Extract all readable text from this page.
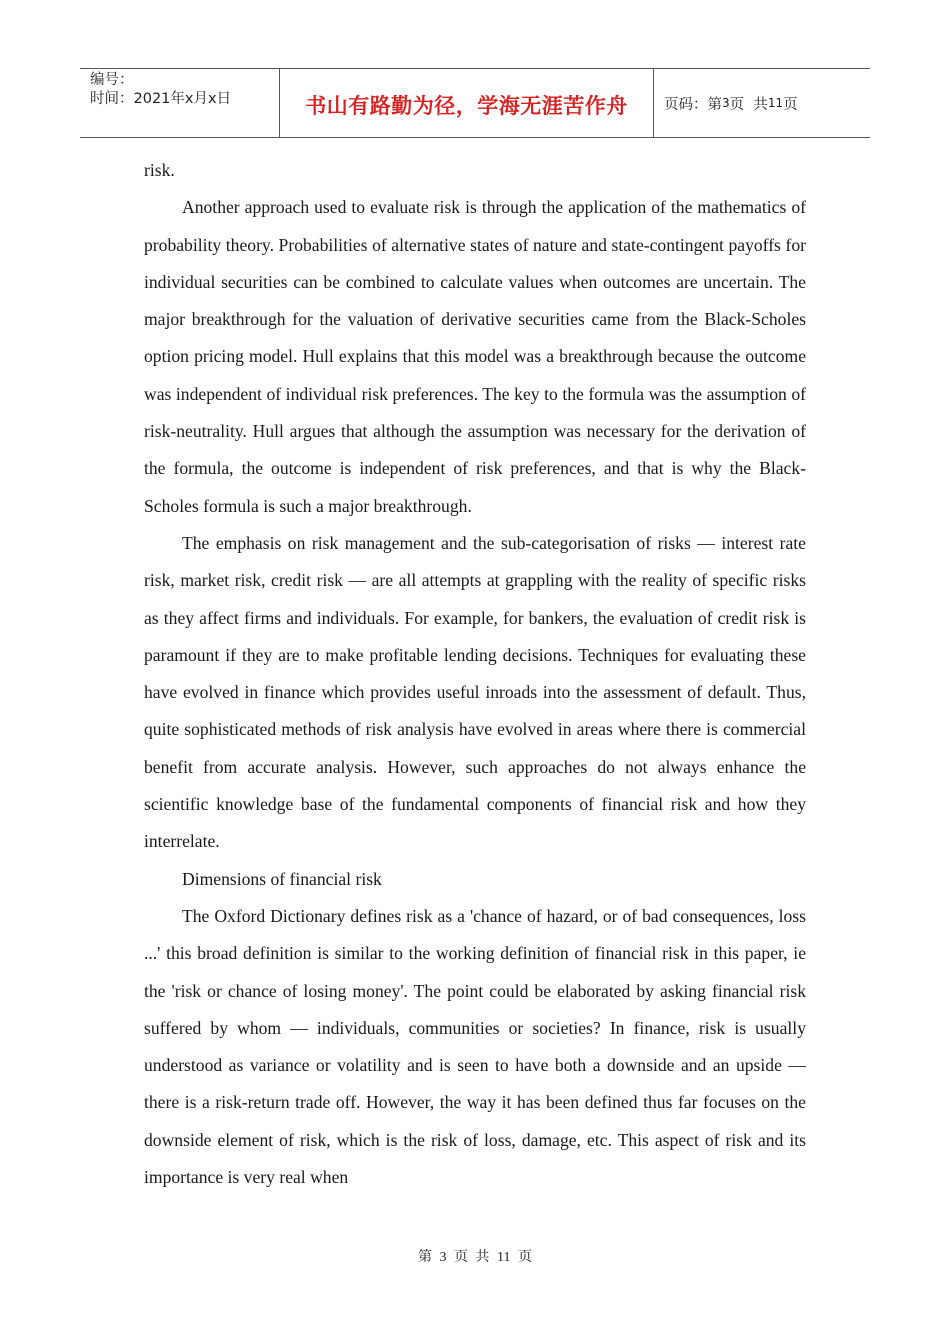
编号：
时间：2021年x月x日	书山有路勤为径，学海无涯苦作舟	页码：第 3 页  共 11 页

risk.

Another approach used to evaluate risk is through the application of the mathematics of probability theory. Probabilities of alternative states of nature and state-contingent payoffs for individual securities can be combined to calculate values when outcomes are uncertain. The major breakthrough for the valuation of derivative securities came from the Black-Scholes option pricing model. Hull explains that this model was a breakthrough because the outcome was independent of individual risk preferences. The key to the formula was the assumption of risk-neutrality. Hull argues that although the assumption was necessary for the derivation of the formula, the outcome is independent of risk preferences, and that is why the Black-Scholes formula is such a major breakthrough.

The emphasis on risk management and the sub-categorisation of risks — interest rate risk, market risk, credit risk — are all attempts at grappling with the reality of specific risks as they affect firms and individuals. For example, for bankers, the evaluation of credit risk is paramount if they are to make profitable lending decisions. Techniques for evaluating these have evolved in finance which provides useful inroads into the assessment of default. Thus, quite sophisticated methods of risk analysis have evolved in areas where there is commercial benefit from accurate analysis. However, such approaches do not always enhance the scientific knowledge base of the fundamental components of financial risk and how they interrelate.

Dimensions of financial risk

The Oxford Dictionary defines risk as a 'chance of hazard, or of bad consequences, loss ...' this broad definition is similar to the working definition of financial risk in this paper, ie the 'risk or chance of losing money'. The point could be elaborated by asking financial risk suffered by whom — individuals, communities or societies? In finance, risk is usually understood as variance or volatility and is seen to have both a downside and an upside — there is a risk-return trade off. However, the way it has been defined thus far focuses on the downside element of risk, which is the risk of loss, damage, etc. This aspect of risk and its importance is very real when

第 3 页 共 11 页
